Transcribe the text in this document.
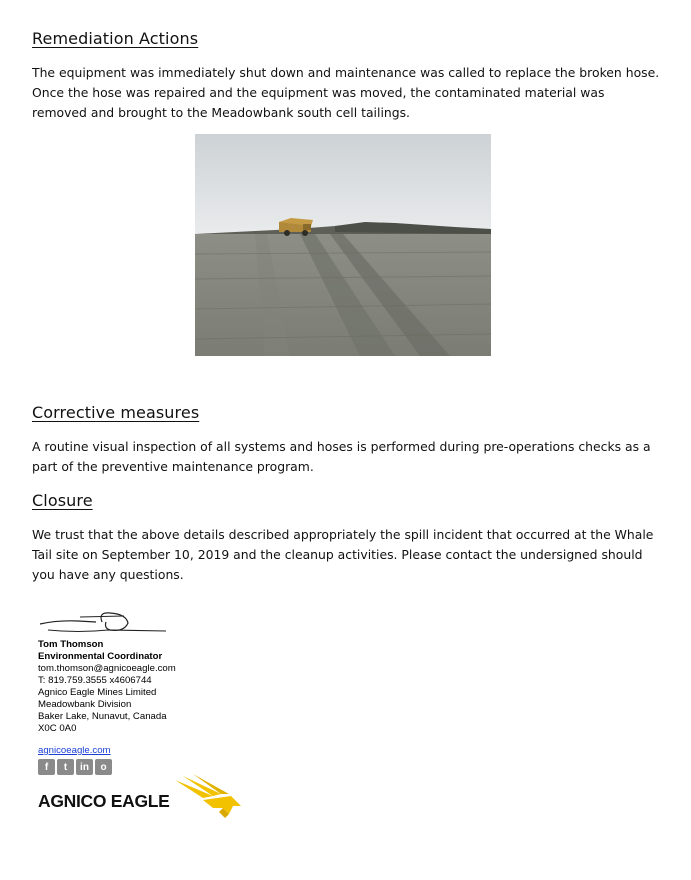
Remediation Actions

The equipment was immediately shut down and maintenance was called to replace the broken hose. Once the hose was repaired and the equipment was moved, the contaminated material was removed and brought to the Meadowbank south cell tailings.

Corrective measures

A routine visual inspection of all systems and hoses is performed during pre-operations checks as a part of the preventive maintenance program.

Closure

We trust that the above details described appropriately the spill incident that occurred at the Whale Tail site on September 10, 2019 and the cleanup activities. Please contact the undersigned should you have any questions.

Tom Thomson
Environmental Coordinator
tom.thomson@agnicoeagle.com
T: 819.759.3555 x4606744
Agnico Eagle Mines Limited
Meadowbank Division
Baker Lake, Nunavut, Canada
X0C 0A0
agnicoeagle.com
f	t	in	o
AGNICO EAGLE
